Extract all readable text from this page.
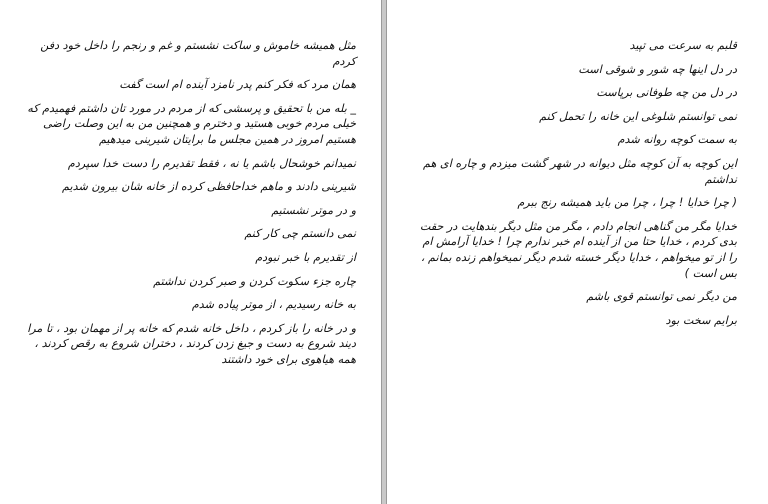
مثل همیشه خاموش و ساکت نشستم و غم و رنجم را داخل خود دفن کردم

همان مرد که فکر کنم پدر نامزد آینده ام است گفت

_ بله من با تحقیق و پرسشی که از مردم در مورد تان داشتم فهمیدم که خیلی مردم خوبی هستید و دخترم و همچنین من به این وصلت راضی هستیم امروز در همین مجلس ما برایتان شیرینی میدهیم

نمیدانم خوشحال باشم یا نه ، فقط تقدیرم را دست خدا سپردم

شیرینی دادند و ماهم خداحافظی کرده از خانه شان بیرون شدیم

و در موتر نشستیم

نمی دانستم چی کار کنم

از تقدیرم با خبر نبودم

چاره جزء سکوت کردن و صبر کردن نداشتم

به خانه رسیدیم ، از موتر پیاده شدم

و در خانه را باز کردم ، داخل خانه شدم که خانه پر از مهمان بود ، تا مرا دیند شروع به دست و جیغ زدن کردند ، دختران شروع به رقص کردند ، همه هیاهوی برای خود داشتند

قلبم به سرعت می تپید

در دل اینها چه شور و شوقی است

در دل من چه طوفانی برپاست

نمی توانستم شلوغی این خانه را تحمل کنم

به سمت کوچه روانه شدم

این کوچه به آن کوچه مثل دیوانه در شهر گشت میزدم و چاره ای هم نداشتم

( چرا خدایا ! چرا ، چرا من باید همیشه رنج ببرم

خدایا مگر من گناهی انجام دادم ، مگر من مثل دیگر بندهایت در حقت بدی کردم ، خدایا حتا من از آینده ام خبر ندارم چرا ! خدایا آرامش ام را از تو میخواهم ، خدایا دیگر خسته شدم دیگر نمیخواهم زنده بمانم ، بس است )

من دیگر نمی توانستم قوی باشم

برایم سخت بود
